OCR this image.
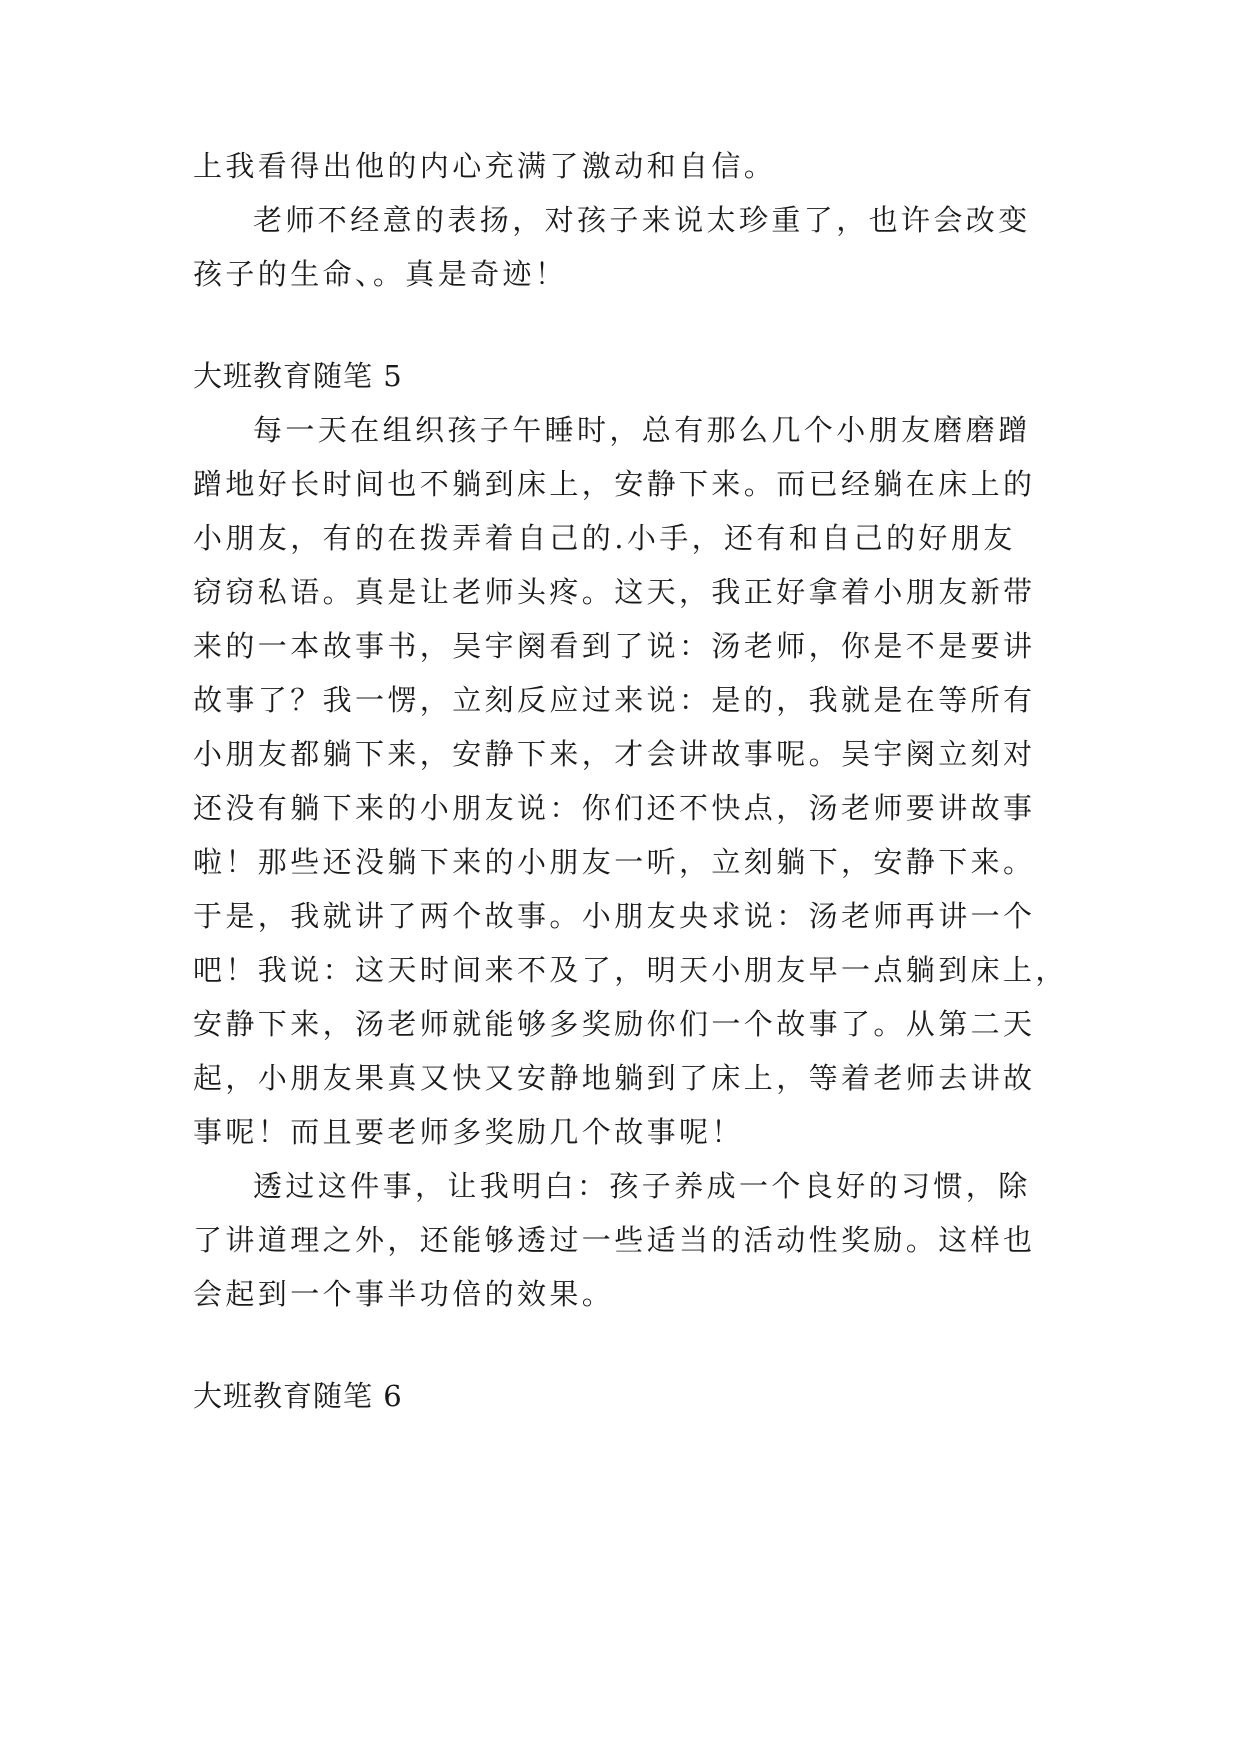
上我看得出他的内心充满了激动和自信。
老师不经意的表扬，对孩子来说太珍重了，也许会改变
孩子的生命、。真是奇迹！
大班教育随笔 5
每一天在组织孩子午睡时，总有那么几个小朋友磨磨蹭
蹭地好长时间也不躺到床上，安静下来。而已经躺在床上的
小朋友，有的在拨弄着自己的.小手，还有和自己的好朋友
窃窃私语。真是让老师头疼。这天，我正好拿着小朋友新带
来的一本故事书，吴宇阕看到了说：汤老师，你是不是要讲
故事了？我一愣，立刻反应过来说：是的，我就是在等所有
小朋友都躺下来，安静下来，才会讲故事呢。吴宇阕立刻对
还没有躺下来的小朋友说：你们还不快点，汤老师要讲故事
啦！那些还没躺下来的小朋友一听，立刻躺下，安静下来。
于是，我就讲了两个故事。小朋友央求说：汤老师再讲一个
吧！我说：这天时间来不及了，明天小朋友早一点躺到床上，
安静下来，汤老师就能够多奖励你们一个故事了。从第二天
起，小朋友果真又快又安静地躺到了床上，等着老师去讲故
事呢！而且要老师多奖励几个故事呢！
透过这件事，让我明白：孩子养成一个良好的习惯，除
了讲道理之外，还能够透过一些适当的活动性奖励。这样也
会起到一个事半功倍的效果。
大班教育随笔 6
